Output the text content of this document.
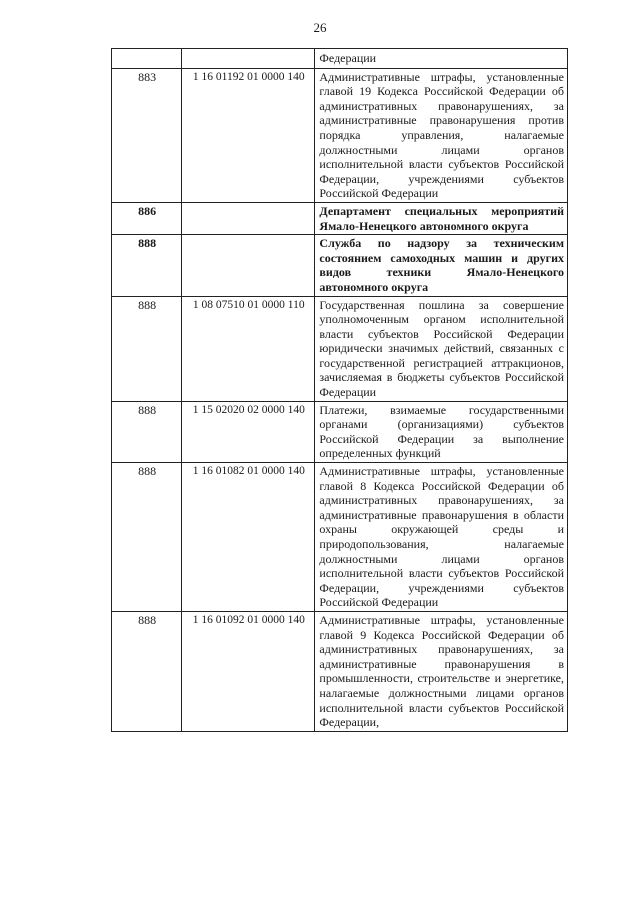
26
		Федерации
883	1 16 01192 01 0000 140	Административные штрафы, установленные главой 19 Кодекса Российской Федерации об административных правонарушениях, за административные правонарушения против порядка управления, налагаемые должностными лицами органов исполнительной власти субъектов Российской Федерации, учреждениями субъектов Российской Федерации
886		Департамент специальных мероприятий Ямало-Ненецкого автономного округа
888		Служба по надзору за техническим состоянием самоходных машин и других видов техники Ямало-Ненецкого автономного округа
888	1 08 07510 01 0000 110	Государственная пошлина за совершение уполномоченным органом исполнительной власти субъектов Российской Федерации юридически значимых действий, связанных с государственной регистрацией аттракционов, зачисляемая в бюджеты субъектов Российской Федерации
888	1 15 02020 02 0000 140	Платежи, взимаемые государственными органами (организациями) субъектов Российской Федерации за выполнение определенных функций
888	1 16 01082 01 0000 140	Административные штрафы, установленные главой 8 Кодекса Российской Федерации об административных правонарушениях, за административные правонарушения в области охраны окружающей среды и природопользования, налагаемые должностными лицами органов исполнительной власти субъектов Российской Федерации, учреждениями субъектов Российской Федерации
888	1 16 01092 01 0000 140	Административные штрафы, установленные главой 9 Кодекса Российской Федерации об административных правонарушениях, за административные правонарушения в промышленности, строительстве и энергетике, налагаемые должностными лицами органов исполнительной власти субъектов Российской Федерации,
